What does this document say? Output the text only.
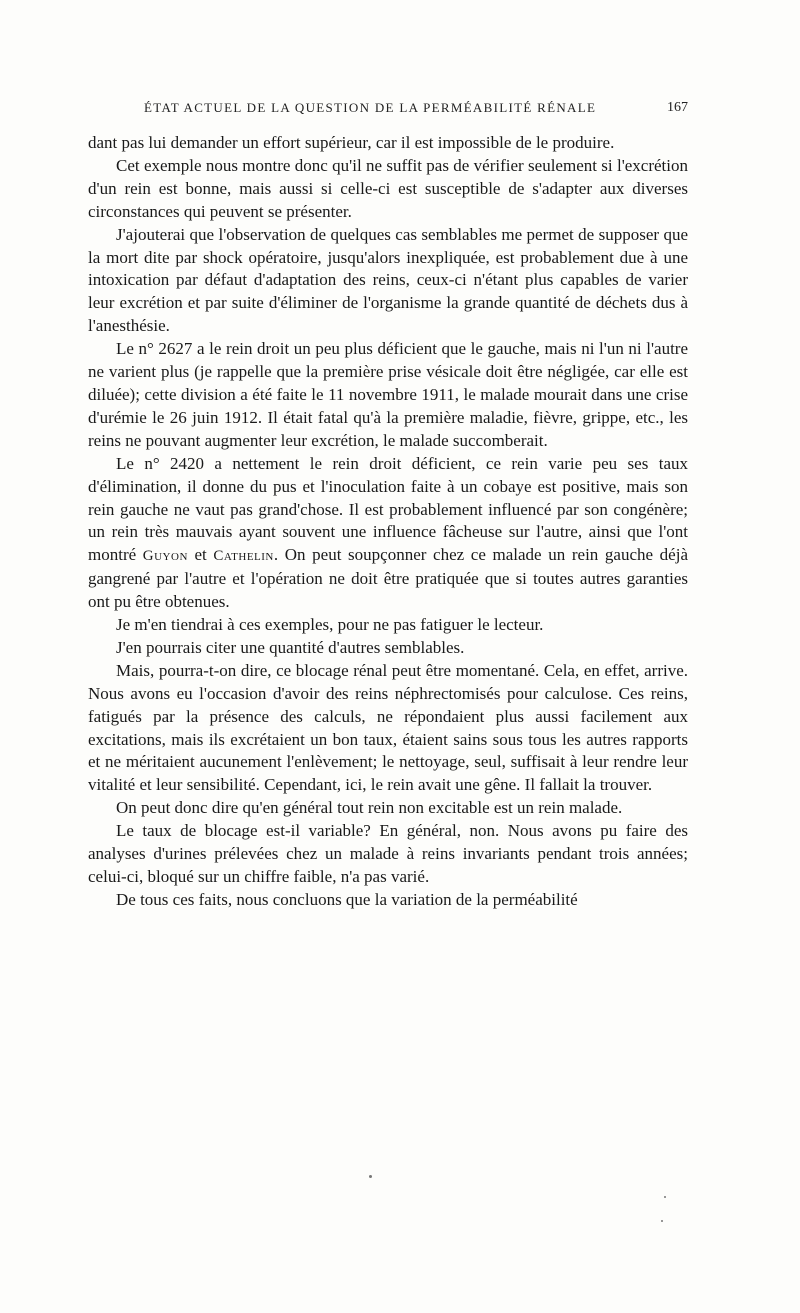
ÉTAT ACTUEL DE LA QUESTION DE LA PERMÉABILITÉ RÉNALE	167

dant pas lui demander un effort supérieur, car il est impossible de le produire.

Cet exemple nous montre donc qu'il ne suffit pas de vérifier seulement si l'excrétion d'un rein est bonne, mais aussi si celle-ci est susceptible de s'adapter aux diverses circonstances qui peuvent se présenter.

J'ajouterai que l'observation de quelques cas semblables me permet de supposer que la mort dite par shock opératoire, jusqu'alors inexpliquée, est probablement due à une intoxication par défaut d'adaptation des reins, ceux-ci n'étant plus capables de varier leur excrétion et par suite d'éliminer de l'organisme la grande quantité de déchets dus à l'anesthésie.

Le n° 2627 a le rein droit un peu plus déficient que le gauche, mais ni l'un ni l'autre ne varient plus (je rappelle que la première prise vésicale doit être négligée, car elle est diluée); cette division a été faite le 11 novembre 1911, le malade mourait dans une crise d'urémie le 26 juin 1912. Il était fatal qu'à la première maladie, fièvre, grippe, etc., les reins ne pouvant augmenter leur excrétion, le malade succomberait.

Le n° 2420 a nettement le rein droit déficient, ce rein varie peu ses taux d'élimination, il donne du pus et l'inoculation faite à un cobaye est positive, mais son rein gauche ne vaut pas grand'chose. Il est probablement influencé par son congénère; un rein très mauvais ayant souvent une influence fâcheuse sur l'autre, ainsi que l'ont montré Guyon et Cathelin. On peut soupçonner chez ce malade un rein gauche déjà gangrené par l'autre et l'opération ne doit être pratiquée que si toutes autres garanties ont pu être obtenues.

Je m'en tiendrai à ces exemples, pour ne pas fatiguer le lecteur.

J'en pourrais citer une quantité d'autres semblables.

Mais, pourra-t-on dire, ce blocage rénal peut être momentané. Cela, en effet, arrive. Nous avons eu l'occasion d'avoir des reins néphrectomisés pour calculose. Ces reins, fatigués par la présence des calculs, ne répondaient plus aussi facilement aux excitations, mais ils excrétaient un bon taux, étaient sains sous tous les autres rapports et ne méritaient aucunement l'enlèvement; le nettoyage, seul, suffisait à leur rendre leur vitalité et leur sensibilité. Cependant, ici, le rein avait une gêne. Il fallait la trouver.

On peut donc dire qu'en général tout rein non excitable est un rein malade.

Le taux de blocage est-il variable? En général, non. Nous avons pu faire des analyses d'urines prélevées chez un malade à reins invariants pendant trois années; celui-ci, bloqué sur un chiffre faible, n'a pas varié.

De tous ces faits, nous concluons que la variation de la perméabilité
